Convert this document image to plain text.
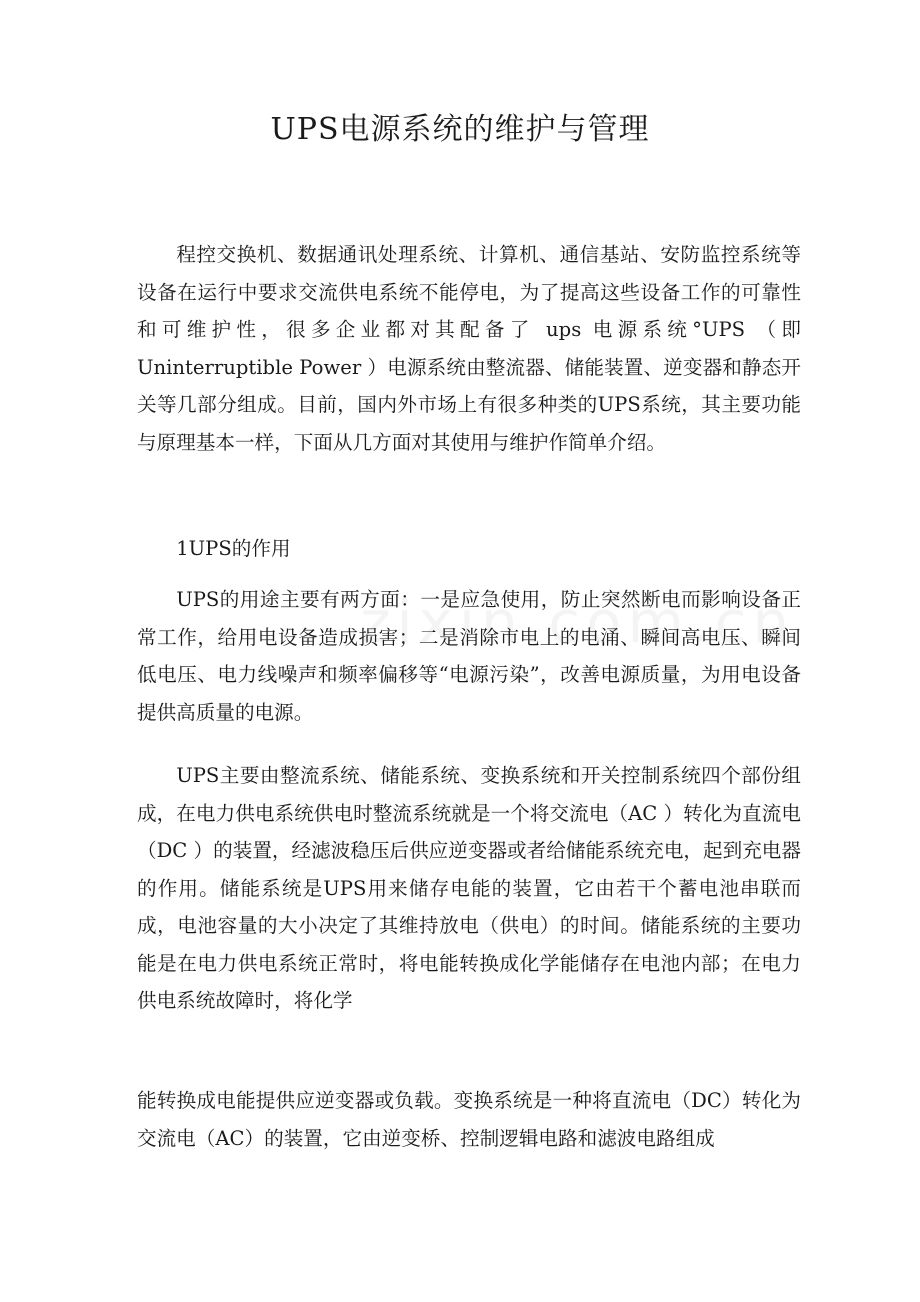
UPS电源系统的维护与管理

程控交换机、数据通讯处理系统、计算机、通信基站、安防监控系统等设备在运行中要求交流供电系统不能停电，为了提高这些设备工作的可靠性和可维护性，很多企业都对其配备了 ups 电源系统°UPS （即 Uninterruptible Power ）电源系统由整流器、储能装置、逆变器和静态开关等几部分组成。目前，国内外市场上有很多种类的UPS系统，其主要功能与原理基本一样，下面从几方面对其使用与维护作简单介绍。

1UPS的作用

UPS的用途主要有两方面：一是应急使用，防止突然断电而影响设备正常工作，给用电设备造成损害；二是消除市电上的电涌、瞬间高电压、瞬间低电压、电力线噪声和频率偏移等“电源污染”，改善电源质量，为用电设备提供高质量的电源。

UPS主要由整流系统、储能系统、变换系统和开关控制系统四个部份组成，在电力供电系统供电时整流系统就是一个将交流电（AC ）转化为直流电（DC ）的装置，经滤波稳压后供应逆变器或者给储能系统充电，起到充电器的作用。储能系统是UPS用来储存电能的装置，它由若干个蓄电池串联而成，电池容量的大小决定了其维持放电（供电）的时间。储能系统的主要功能是在电力供电系统正常时，将电能转换成化学能储存在电池内部；在电力供电系统故障时，将化学

能转换成电能提供应逆变器或负载。变换系统是一种将直流电（DC）转化为交流电（AC）的装置，它由逆变桥、控制逻辑电路和滤波电路组成
